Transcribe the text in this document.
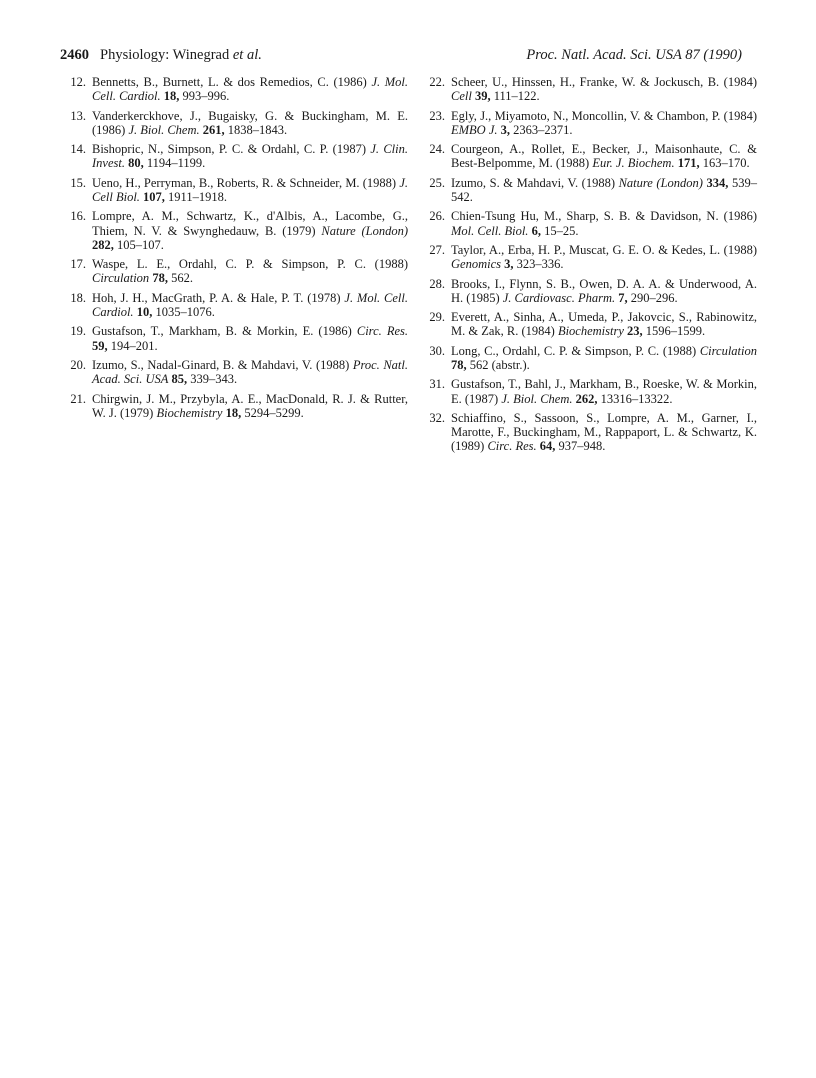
2460 Physiology: Winegrad et al.	Proc. Natl. Acad. Sci. USA 87 (1990)
12. Bennetts, B., Burnett, L. & dos Remedios, C. (1986) J. Mol. Cell. Cardiol. 18, 993–996.
13. Vanderkerckhove, J., Bugaisky, G. & Buckingham, M. E. (1986) J. Biol. Chem. 261, 1838–1843.
14. Bishopric, N., Simpson, P. C. & Ordahl, C. P. (1987) J. Clin. Invest. 80, 1194–1199.
15. Ueno, H., Perryman, B., Roberts, R. & Schneider, M. (1988) J. Cell Biol. 107, 1911–1918.
16. Lompre, A. M., Schwartz, K., d'Albis, A., Lacombe, G., Thiem, N. V. & Swynghedauw, B. (1979) Nature (London) 282, 105–107.
17. Waspe, L. E., Ordahl, C. P. & Simpson, P. C. (1988) Circulation 78, 562.
18. Hoh, J. H., MacGrath, P. A. & Hale, P. T. (1978) J. Mol. Cell. Cardiol. 10, 1035–1076.
19. Gustafson, T., Markham, B. & Morkin, E. (1986) Circ. Res. 59, 194–201.
20. Izumo, S., Nadal-Ginard, B. & Mahdavi, V. (1988) Proc. Natl. Acad. Sci. USA 85, 339–343.
21. Chirgwin, J. M., Przybyla, A. E., MacDonald, R. J. & Rutter, W. J. (1979) Biochemistry 18, 5294–5299.
22. Scheer, U., Hinssen, H., Franke, W. & Jockusch, B. (1984) Cell 39, 111–122.
23. Egly, J., Miyamoto, N., Moncollin, V. & Chambon, P. (1984) EMBO J. 3, 2363–2371.
24. Courgeon, A., Rollet, E., Becker, J., Maisonhaute, C. & Best-Belpomme, M. (1988) Eur. J. Biochem. 171, 163–170.
25. Izumo, S. & Mahdavi, V. (1988) Nature (London) 334, 539–542.
26. Chien-Tsung Hu, M., Sharp, S. B. & Davidson, N. (1986) Mol. Cell. Biol. 6, 15–25.
27. Taylor, A., Erba, H. P., Muscat, G. E. O. & Kedes, L. (1988) Genomics 3, 323–336.
28. Brooks, I., Flynn, S. B., Owen, D. A. A. & Underwood, A. H. (1985) J. Cardiovasc. Pharm. 7, 290–296.
29. Everett, A., Sinha, A., Umeda, P., Jakovcic, S., Rabinowitz, M. & Zak, R. (1984) Biochemistry 23, 1596–1599.
30. Long, C., Ordahl, C. P. & Simpson, P. C. (1988) Circulation 78, 562 (abstr.).
31. Gustafson, T., Bahl, J., Markham, B., Roeske, W. & Morkin, E. (1987) J. Biol. Chem. 262, 13316–13322.
32. Schiaffino, S., Sassoon, S., Lompre, A. M., Garner, I., Marotte, F., Buckingham, M., Rappaport, L. & Schwartz, K. (1989) Circ. Res. 64, 937–948.
